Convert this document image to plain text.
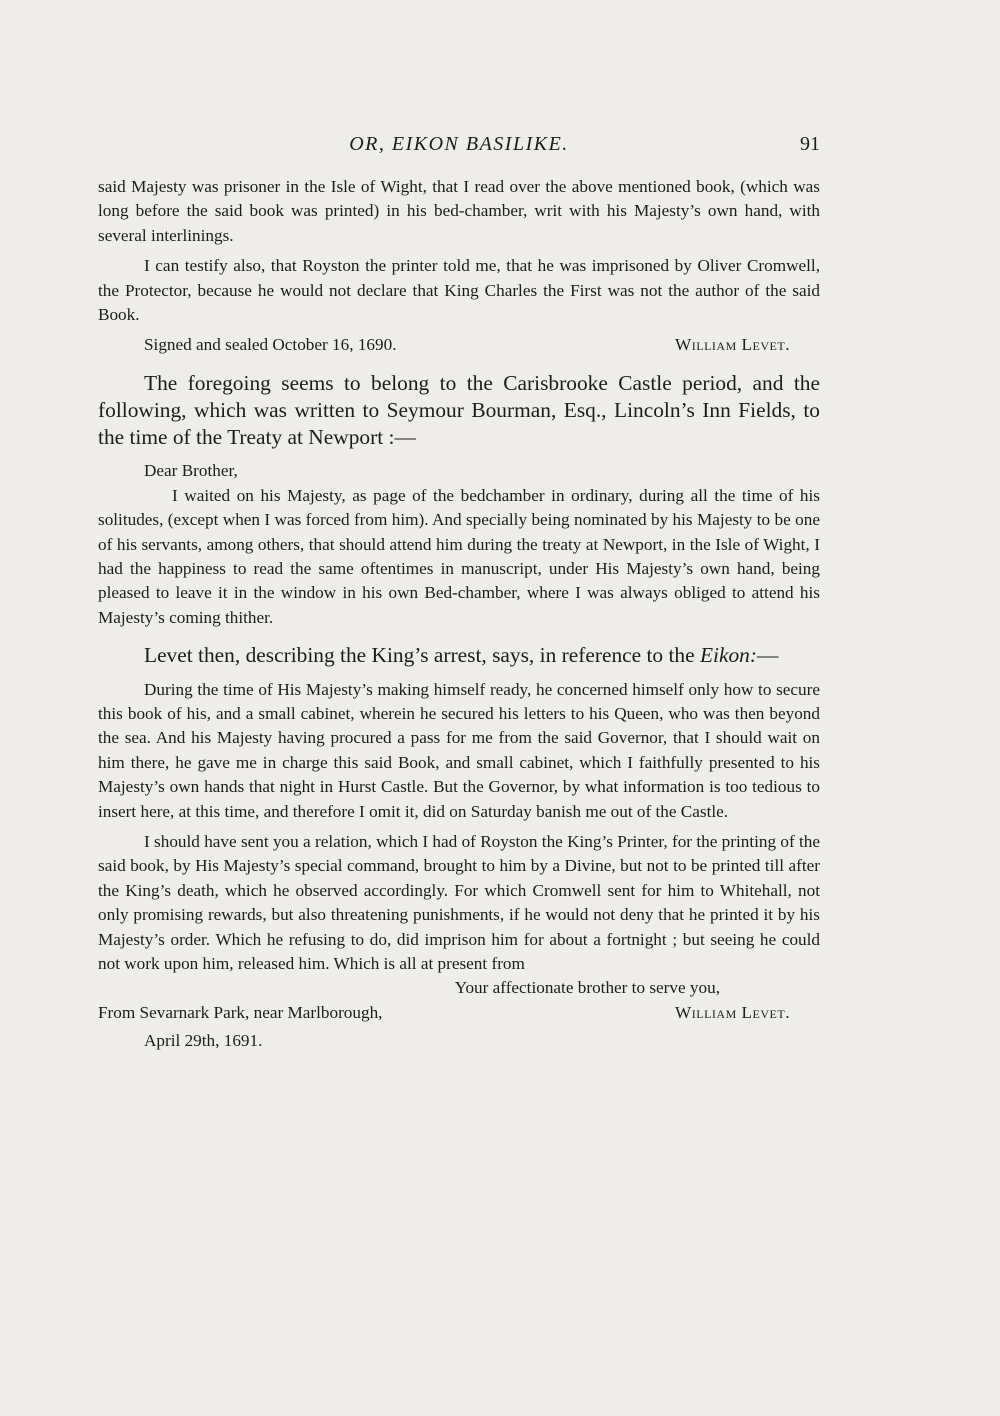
OR, EIKON BASILIKE.	91

said Majesty was prisoner in the Isle of Wight, that I read over the above mentioned book, (which was long before the said book was printed) in his bed-chamber, writ with his Majesty’s own hand, with several interlinings.

I can testify also, that Royston the printer told me, that he was imprisoned by Oliver Cromwell, the Protector, because he would not declare that King Charles the First was not the author of the said Book.

Signed and sealed October 16, 1690.	William Levet.

The foregoing seems to belong to the Carisbrooke Castle period, and the following, which was written to Seymour Bourman, Esq., Lincoln’s Inn Fields, to the time of the Treaty at Newport :—

Dear Brother,

I waited on his Majesty, as page of the bedchamber in ordinary, during all the time of his solitudes, (except when I was forced from him). And specially being nominated by his Majesty to be one of his servants, among others, that should attend him during the treaty at Newport, in the Isle of Wight, I had the happiness to read the same oftentimes in manuscript, under His Majesty’s own hand, being pleased to leave it in the window in his own Bed-chamber, where I was always obliged to attend his Majesty’s coming thither.

Levet then, describing the King’s arrest, says, in reference to the Eikon:—

During the time of His Majesty’s making himself ready, he concerned himself only how to secure this book of his, and a small cabinet, wherein he secured his letters to his Queen, who was then beyond the sea. And his Majesty having procured a pass for me from the said Governor, that I should wait on him there, he gave me in charge this said Book, and small cabinet, which I faithfully presented to his Majesty’s own hands that night in Hurst Castle. But the Governor, by what information is too tedious to insert here, at this time, and therefore I omit it, did on Saturday banish me out of the Castle.

I should have sent you a relation, which I had of Royston the King’s Printer, for the printing of the said book, by His Majesty’s special command, brought to him by a Divine, but not to be printed till after the King’s death, which he observed accordingly. For which Cromwell sent for him to Whitehall, not only promising rewards, but also threatening punishments, if he would not deny that he printed it by his Majesty’s order. Which he refusing to do, did imprison him for about a fortnight ; but seeing he could not work upon him, released him. Which is all at present from

Your affectionate brother to serve you,
From Sevarnark Park, near Marlborough,	William Levet.
April 29th, 1691.
